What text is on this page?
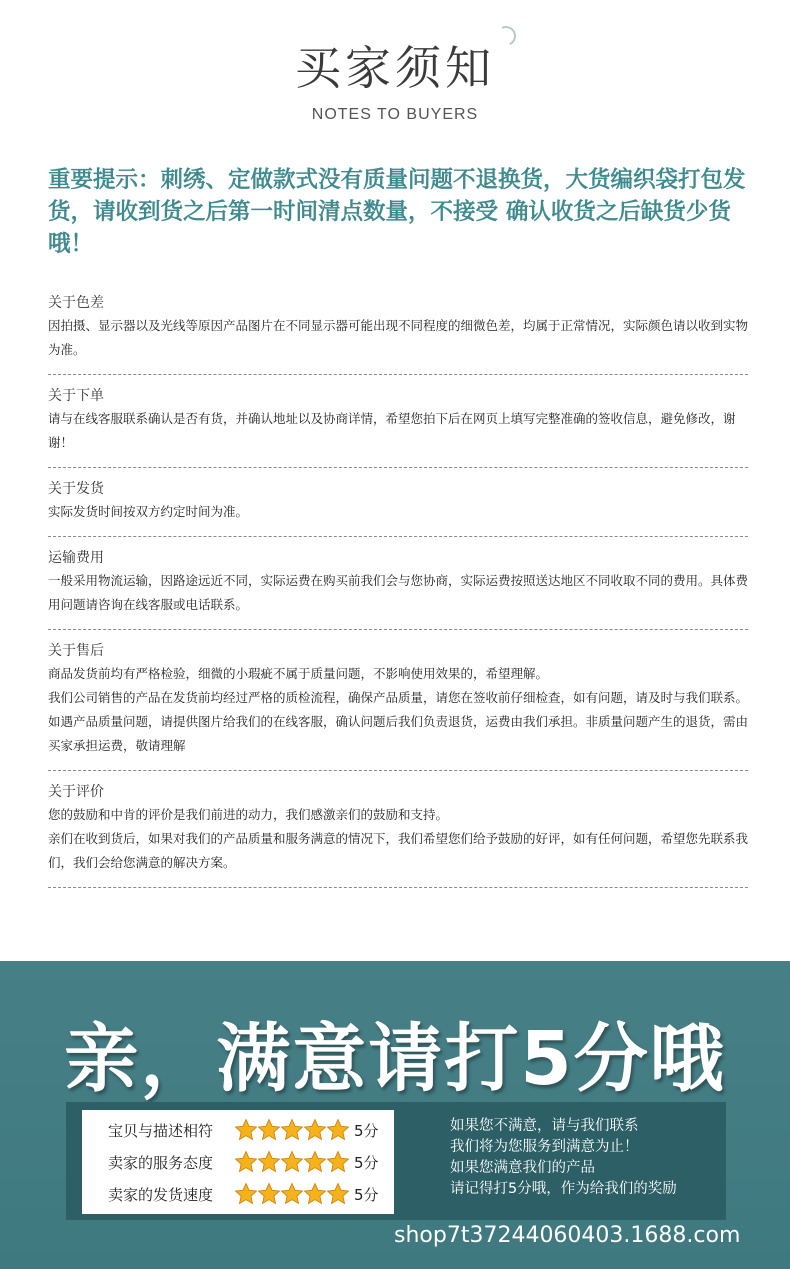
买家须知
NOTES TO BUYERS
重要提示：刺绣、定做款式没有质量问题不退换货，大货编织袋打包发货，请收到货之后第一时间清点数量，不接受 确认收货之后缺货少货哦！
关于色差
因拍摄、显示器以及光线等原因产品图片在不同显示器可能出现不同程度的细微色差，均属于正常情况，实际颜色请以收到实物为准。
关于下单
请与在线客服联系确认是否有货，并确认地址以及协商详情，希望您拍下后在网页上填写完整准确的签收信息，避免修改，谢谢！
关于发货
实际发货时间按双方约定时间为准。
运输费用
一般采用物流运输，因路途远近不同，实际运费在购买前我们会与您协商，实际运费按照送达地区不同收取不同的费用。具体费用问题请咨询在线客服或电话联系。
关于售后
商品发货前均有严格检验，细微的小瑕疵不属于质量问题，不影响使用效果的，希望理解。
我们公司销售的产品在发货前均经过严格的质检流程，确保产品质量，请您在签收前仔细检查，如有问题，请及时与我们联系。
如遇产品质量问题，请提供图片给我们的在线客服，确认问题后我们负责退货，运费由我们承担。非质量问题产生的退货，需由买家承担运费，敬请理解
关于评价
您的鼓励和中肯的评价是我们前进的动力，我们感激亲们的鼓励和支持。
亲们在收到货后，如果对我们的产品质量和服务满意的情况下，我们希望您们给予鼓励的好评，如有任何问题，希望您先联系我们，我们会给您满意的解决方案。
亲，满意请打5分哦
宝贝与描述相符	5分
卖家的服务态度	5分
卖家的发货速度	5分
如果您不满意，请与我们联系
我们将为您服务到满意为止！
如果您满意我们的产品
请记得打5分哦，作为给我们的奖励
shop7t37244060403.1688.com
